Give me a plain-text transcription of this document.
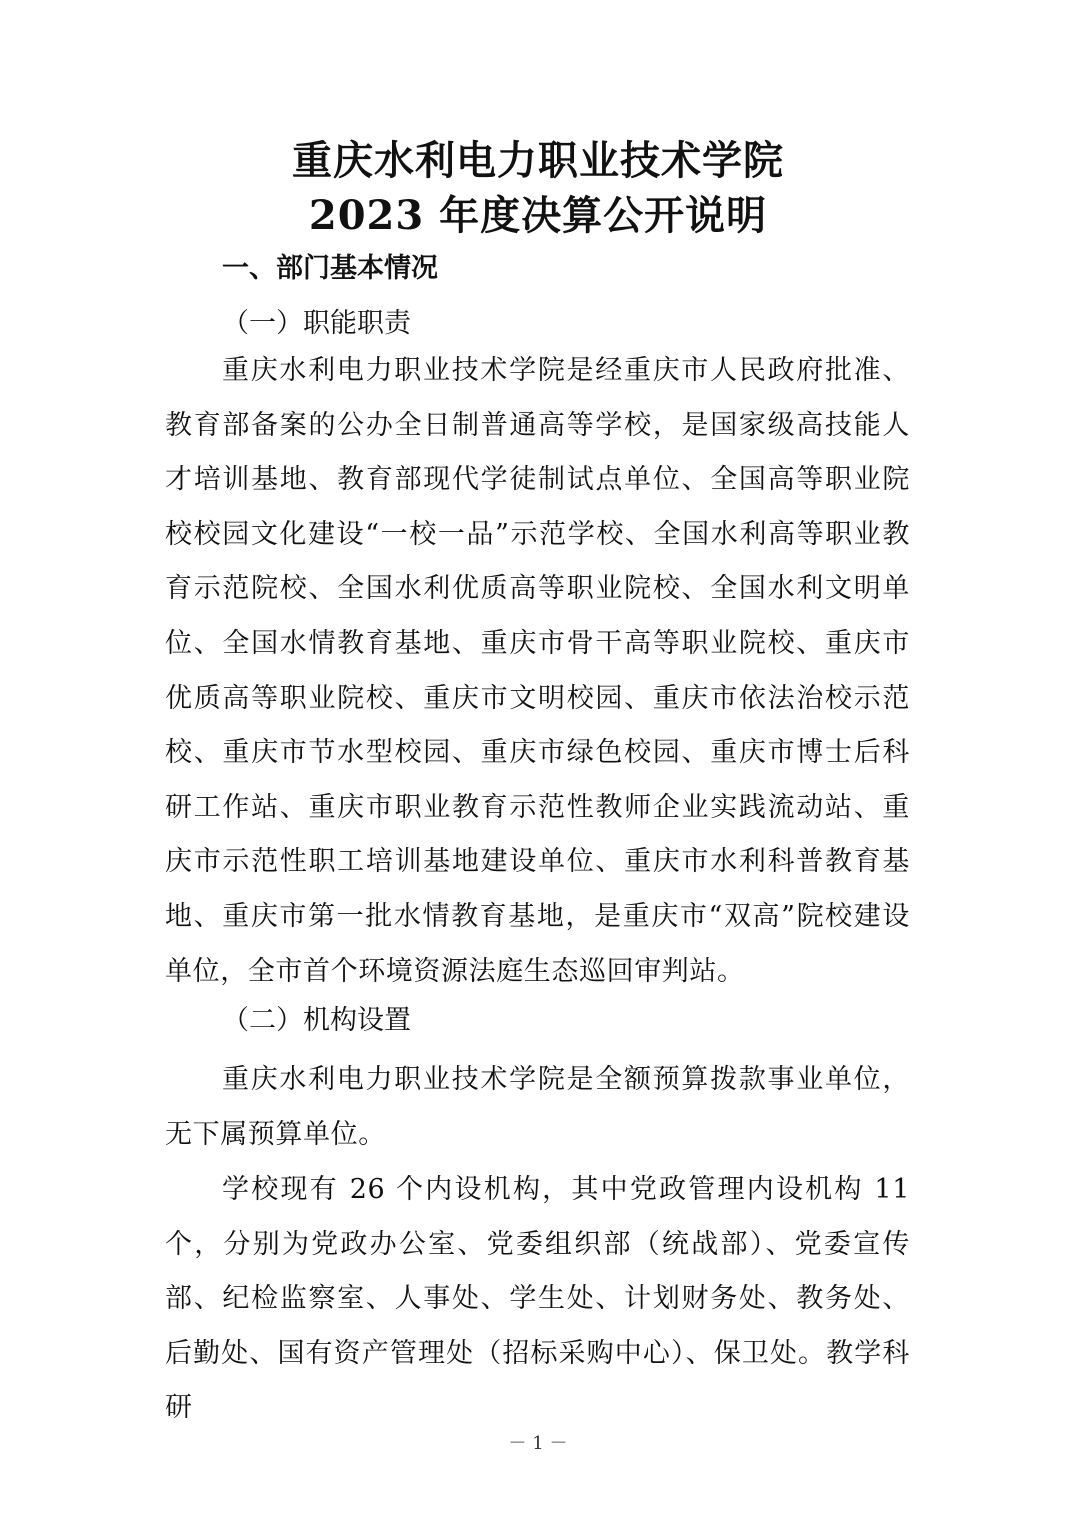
重庆水利电力职业技术学院
2023 年度决算公开说明
一、部门基本情况
（一）职能职责

重庆水利电力职业技术学院是经重庆市人民政府批准、教育部备案的公办全日制普通高等学校，是国家级高技能人才培训基地、教育部现代学徒制试点单位、全国高等职业院校校园文化建设“一校一品”示范学校、全国水利高等职业教育示范院校、全国水利优质高等职业院校、全国水利文明单位、全国水情教育基地、重庆市骨干高等职业院校、重庆市优质高等职业院校、重庆市文明校园、重庆市依法治校示范校、重庆市节水型校园、重庆市绿色校园、重庆市博士后科研工作站、重庆市职业教育示范性教师企业实践流动站、重庆市示范性职工培训基地建设单位、重庆市水利科普教育基地、重庆市第一批水情教育基地，是重庆市“双高”院校建设单位，全市首个环境资源法庭生态巡回审判站。

（二）机构设置

重庆水利电力职业技术学院是全额预算拨款事业单位，无下属预算单位。

学校现有 26 个内设机构，其中党政管理内设机构 11 个，分别为党政办公室、党委组织部（统战部）、党委宣传部、纪检监察室、人事处、学生处、计划财务处、教务处、后勤处、国有资产管理处（招标采购中心）、保卫处。教学科研

－ 1 －
